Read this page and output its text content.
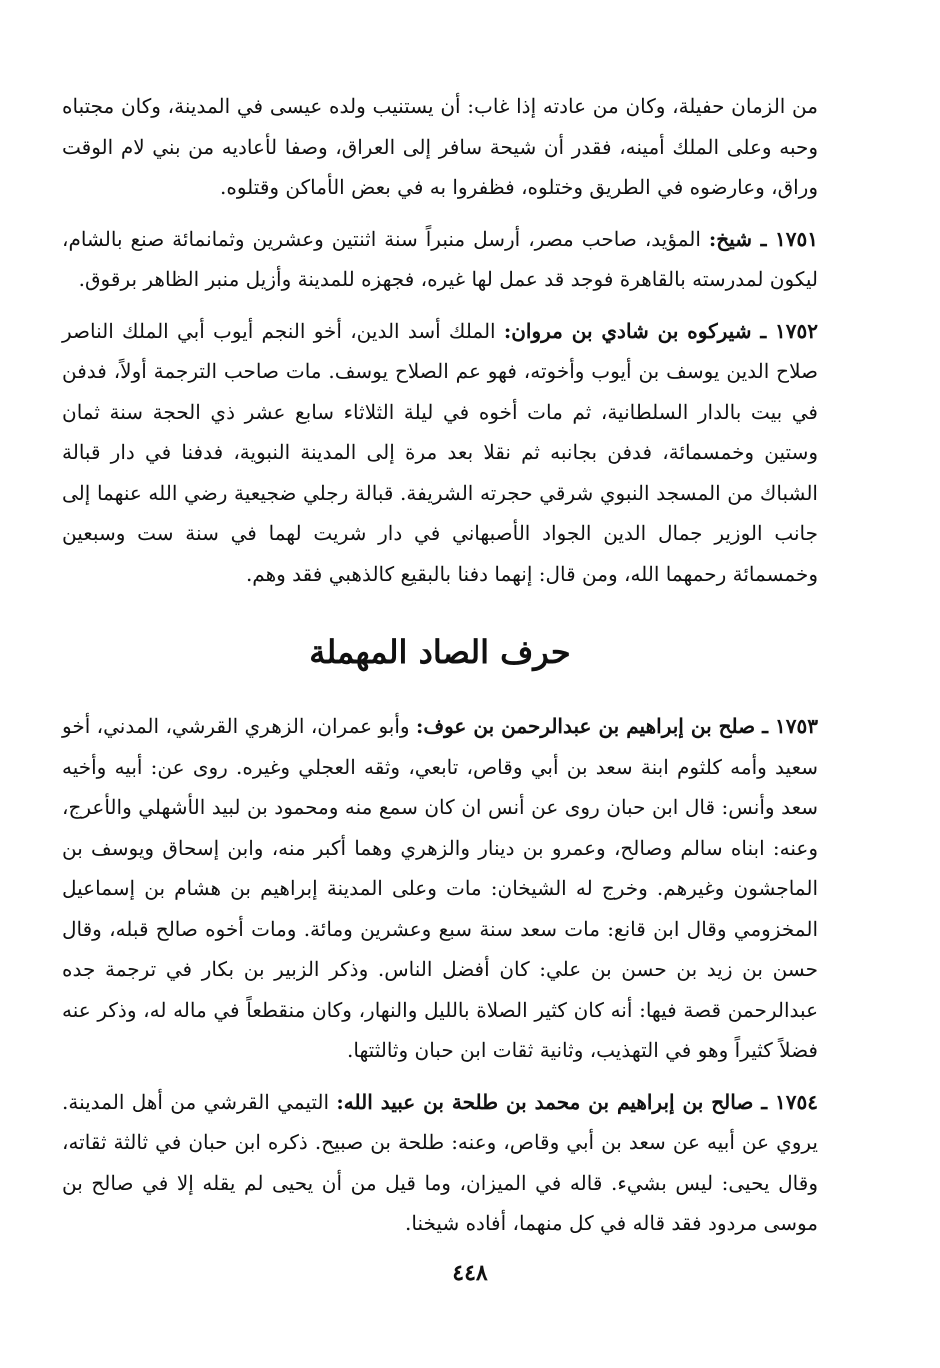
من الزمان حفيلة، وكان من عادته إذا غاب: أن يستنيب ولده عيسى في المدينة، وكان مجتباه وحبه وعلى الملك أمينه، فقدر أن شيحة سافر إلى العراق، وصفا لأعاديه من بني لام الوقت وراق، وعارضوه في الطريق وختلوه، فظفروا به في بعض الأماكن وقتلوه.

١٧٥١ ـ شيخ: المؤيد، صاحب مصر، أرسل منبراً سنة اثنتين وعشرين وثمانمائة صنع بالشام، ليكون لمدرسته بالقاهرة فوجد قد عمل لها غيره، فجهزه للمدينة وأزيل منبر الظاهر برقوق.

١٧٥٢ ـ شيركوه بن شادي بن مروان: الملك أسد الدين، أخو النجم أيوب أبي الملك الناصر صلاح الدين يوسف بن أيوب وأخوته، فهو عم الصلاح يوسف. مات صاحب الترجمة أولاً، فدفن في بيت بالدار السلطانية، ثم مات أخوه في ليلة الثلاثاء سابع عشر ذي الحجة سنة ثمان وستين وخمسمائة، فدفن بجانبه ثم نقلا بعد مرة إلى المدينة النبوية، فدفنا في دار قبالة الشباك من المسجد النبوي شرقي حجرته الشريفة. قبالة رجلي ضجيعية رضي الله عنهما إلى جانب الوزير جمال الدين الجواد الأصبهاني في دار شريت لهما في سنة ست وسبعين وخمسمائة رحمهما الله، ومن قال: إنهما دفنا بالبقيع كالذهبي فقد وهم.

حرف الصاد المهملة

١٧٥٣ ـ صلح بن إبراهيم بن عبدالرحمن بن عوف: وأبو عمران، الزهري القرشي، المدني، أخو سعيد وأمه كلثوم ابنة سعد بن أبي وقاص، تابعي، وثقه العجلي وغيره. روى عن: أبيه وأخيه سعد وأنس: قال ابن حبان روى عن أنس ان كان سمع منه ومحمود بن لبيد الأشهلي والأعرج، وعنه: ابناه سالم وصالح، وعمرو بن دينار والزهري وهما أكبر منه، وابن إسحاق ويوسف بن الماجشون وغيرهم. وخرج له الشيخان: مات وعلى المدينة إبراهيم بن هشام بن إسماعيل المخزومي وقال ابن قانع: مات سعد سنة سبع وعشرين ومائة. ومات أخوه صالح قبله، وقال حسن بن زيد بن حسن بن علي: كان أفضل الناس. وذكر الزبير بن بكار في ترجمة جده عبدالرحمن قصة فيها: أنه كان كثير الصلاة بالليل والنهار، وكان منقطعاً في ماله له، وذكر عنه فضلاً كثيراً وهو في التهذيب، وثانية ثقات ابن حبان وثالثتها.

١٧٥٤ ـ صالح بن إبراهيم بن محمد بن طلحة بن عبيد الله: التيمي القرشي من أهل المدينة. يروي عن أبيه عن سعد بن أبي وقاص، وعنه: طلحة بن صبيح. ذكره ابن حبان في ثالثة ثقاته، وقال يحيى: ليس بشيء. قاله في الميزان، وما قيل من أن يحيى لم يقله إلا في صالح بن موسى مردود فقد قاله في كل منهما، أفاده شيخنا.

٤٤٨
